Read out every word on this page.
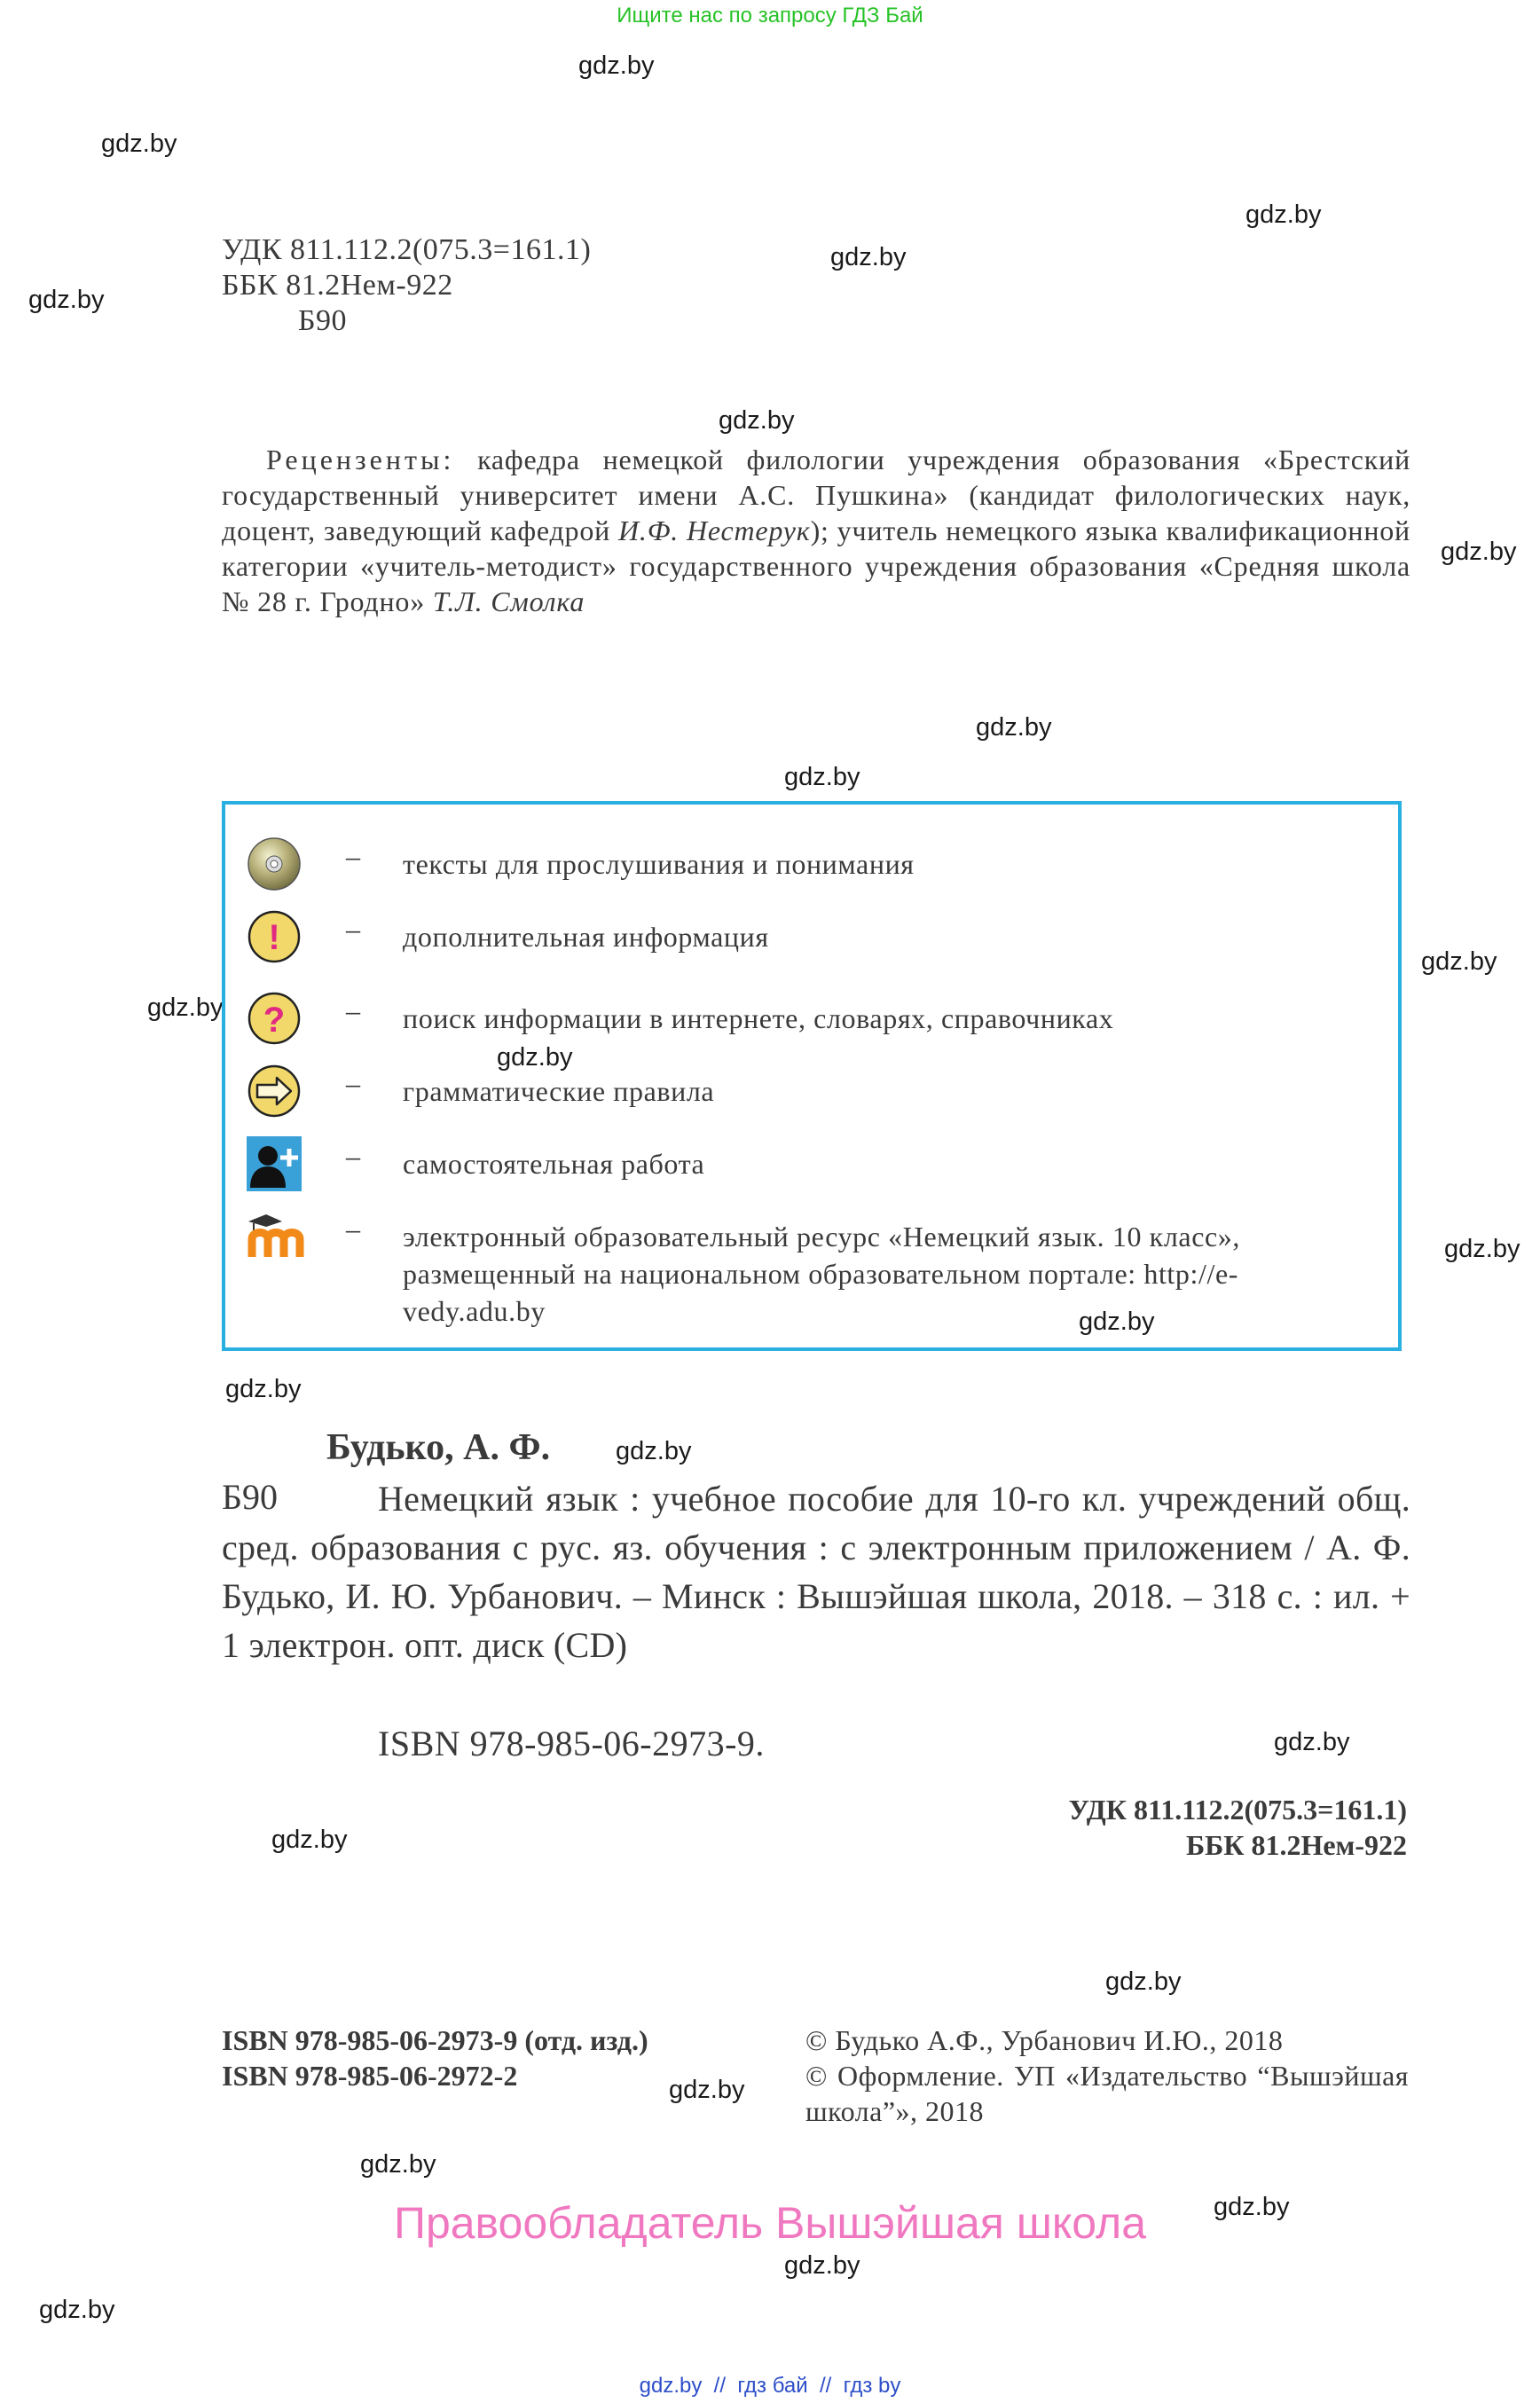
Ищите нас по запросу ГДЗ Бай
gdz.by
gdz.by
gdz.by
gdz.by
gdz.by
gdz.by
gdz.by
gdz.by
gdz.by
gdz.by
gdz.by
gdz.by
gdz.by
gdz.by
gdz.by
gdz.by
gdz.by
gdz.by
gdz.by
gdz.by
gdz.by
gdz.by
gdz.by
gdz.by
УДК 811.112.2(075.3=161.1)
ББК 81.2Нем-922
Б90
Рецензенты: кафедра немецкой филологии учреждения образования «Брестский государственный университет имени А.С. Пушкина» (кандидат филологических наук, доцент, заведующий кафедрой И.Ф. Нестерук); учитель немецкого языка квалификационной категории «учитель-методист» государственного учреждения образования «Средняя школа № 28 г. Гродно» Т.Л. Смолка
– тексты для прослушивания и понимания
! – дополнительная информация
? – поиск информации в интернете, словарях, справочниках
– грамматические правила
– самостоятельная работа
– электронный образовательный ресурс «Немецкий язык. 10 класс», размещенный на национальном образовательном портале: http://e-vedy.adu.by
Будько, А. Ф.
Б90	Немецкий язык : учебное пособие для 10-го кл. учреждений общ. сред. образования с рус. яз. обучения : с электронным приложением / А. Ф. Будько, И. Ю. Урбанович. – Минск : Вышэйшая школа, 2018. – 318 с. : ил. + 1 электрон. опт. диск (CD)
ISBN 978-985-06-2973-9.
УДК 811.112.2(075.3=161.1)
ББК 81.2Нем-922
ISBN 978-985-06-2973-9 (отд. изд.)
ISBN 978-985-06-2972-2
© Будько А.Ф., Урбанович И.Ю., 2018
© Оформление. УП «Издательство “Вышэйшая школа”», 2018
Правообладатель Вышэйшая школа
gdz.by  //  гдз бай  //  гдз by
